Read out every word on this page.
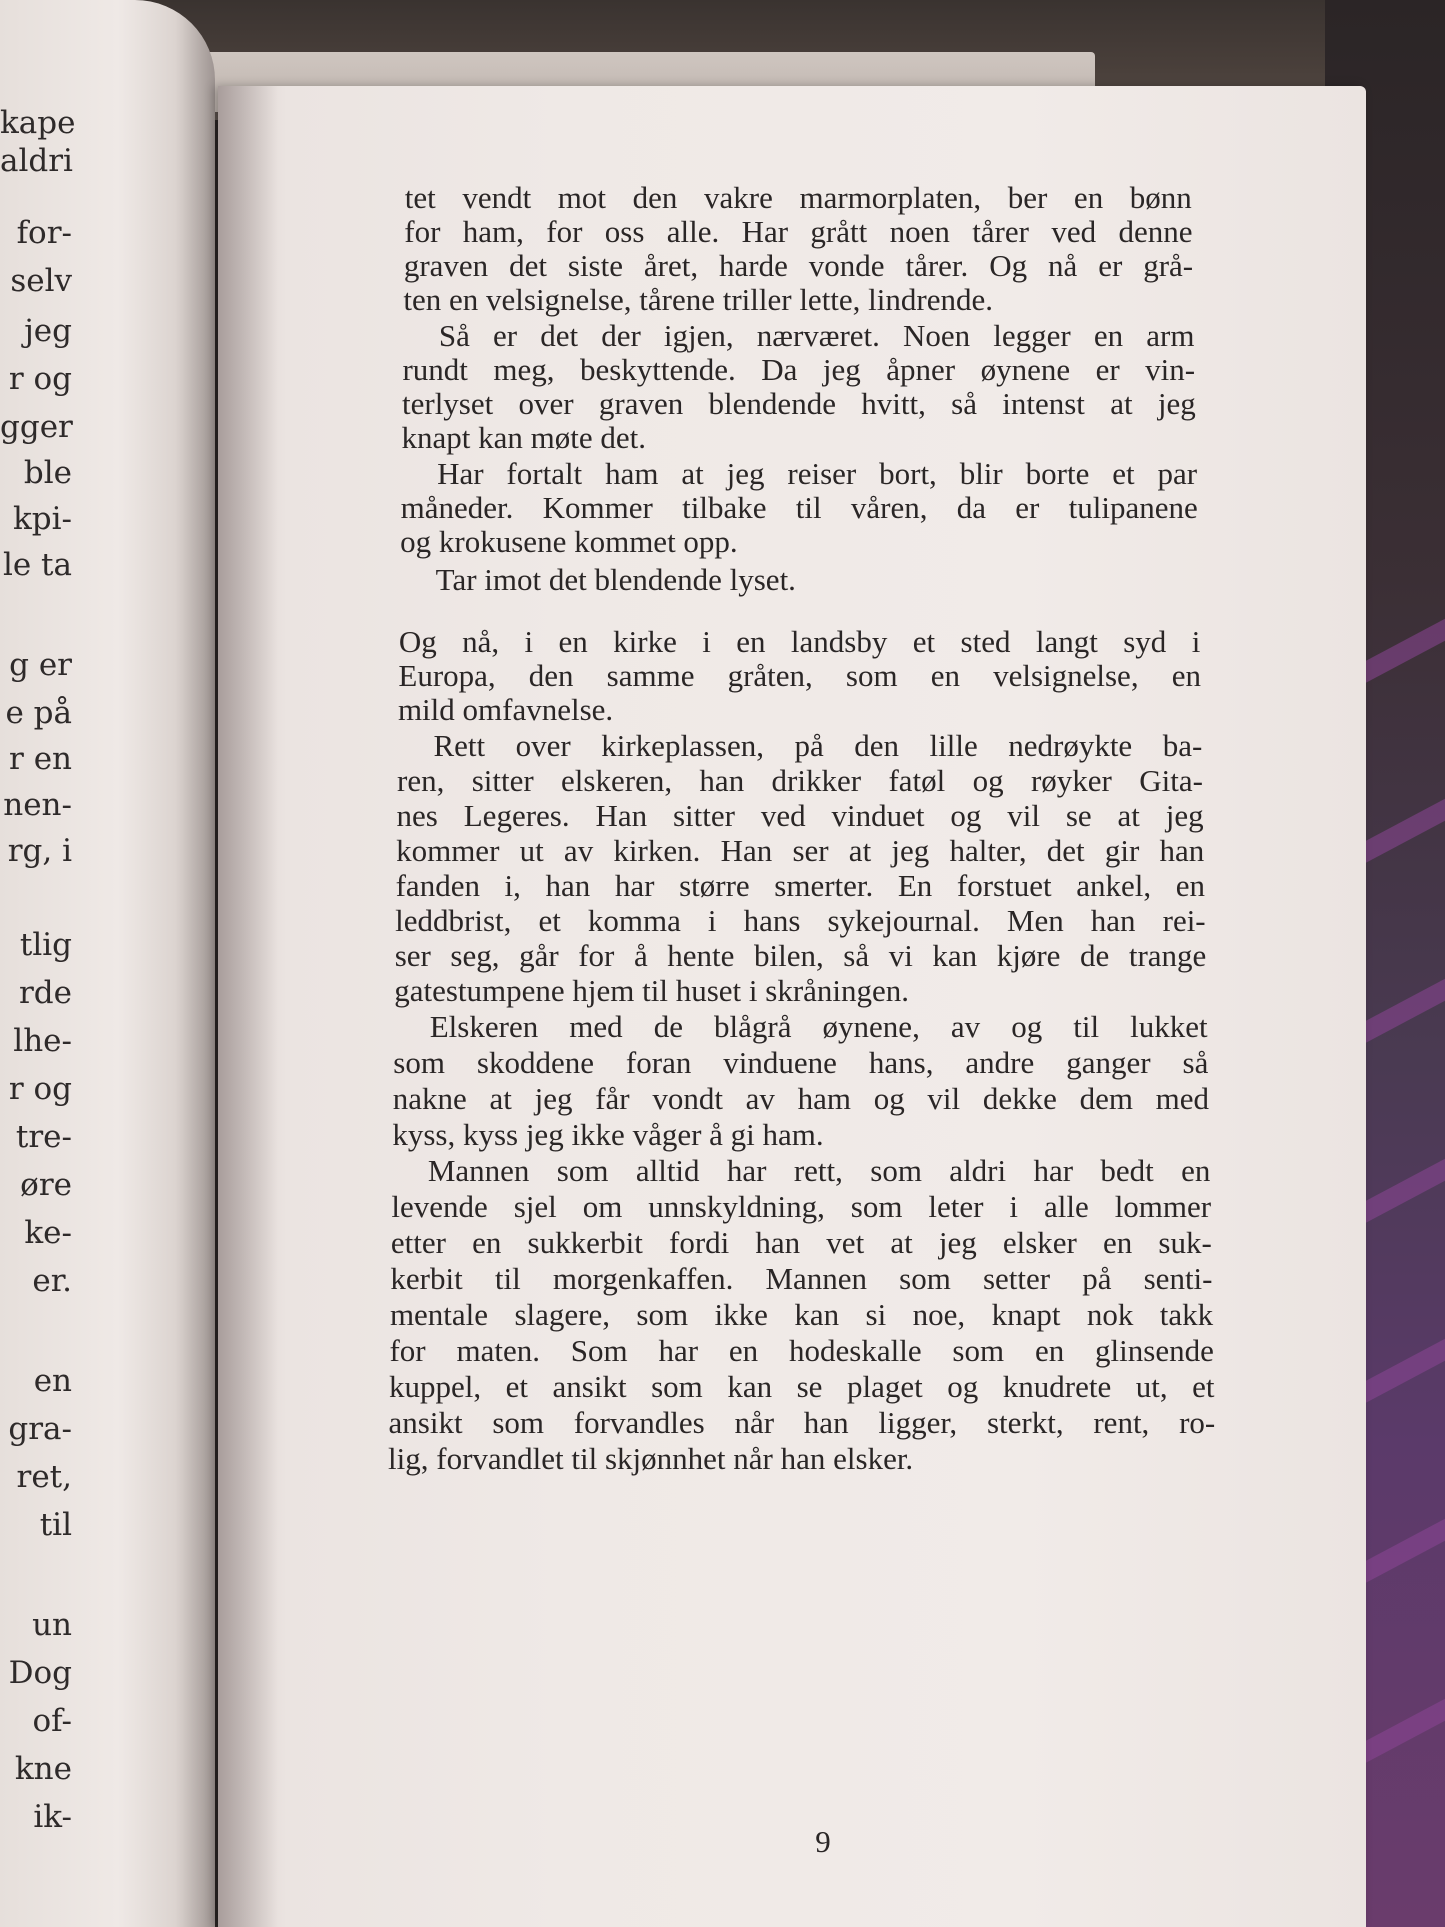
kape
aldri
for-
selv
jeg
r og
gger
ble
kpi-
le ta
g er
e på
r en
nen-
rg, i
tlig
rde
lhe-
r og
tre-
øre
ke-
er.
en
gra-
ret,
til
un
Dog
of-
kne
ik-
tet vendt mot den vakre marmorplaten, ber en bønn
for ham, for oss alle. Har grått noen tårer ved denne
graven det siste året, harde vonde tårer. Og nå er grå-
ten en velsignelse, tårene triller lette, lindrende.
Så er det der igjen, nærværet. Noen legger en arm
rundt meg, beskyttende. Da jeg åpner øynene er vin-
terlyset over graven blendende hvitt, så intenst at jeg
knapt kan møte det.
Har fortalt ham at jeg reiser bort, blir borte et par
måneder. Kommer tilbake til våren, da er tulipanene
og krokusene kommet opp.
Tar imot det blendende lyset.
Og nå, i en kirke i en landsby et sted langt syd i
Europa, den samme gråten, som en velsignelse, en
mild omfavnelse.
Rett over kirkeplassen, på den lille nedrøykte ba-
ren, sitter elskeren, han drikker fatøl og røyker Gita-
nes Legeres. Han sitter ved vinduet og vil se at jeg
kommer ut av kirken. Han ser at jeg halter, det gir han
fanden i, han har større smerter. En forstuet ankel, en
leddbrist, et komma i hans sykejournal. Men han rei-
ser seg, går for å hente bilen, så vi kan kjøre de trange
gatestumpene hjem til huset i skråningen.
Elskeren med de blågrå øynene, av og til lukket
som skoddene foran vinduene hans, andre ganger så
nakne at jeg får vondt av ham og vil dekke dem med
kyss, kyss jeg ikke våger å gi ham.
Mannen som alltid har rett, som aldri har bedt en
levende sjel om unnskyldning, som leter i alle lommer
etter en sukkerbit fordi han vet at jeg elsker en suk-
kerbit til morgenkaffen. Mannen som setter på senti-
mentale slagere, som ikke kan si noe, knapt nok takk
for maten. Som har en hodeskalle som en glinsende
kuppel, et ansikt som kan se plaget og knudrete ut, et
ansikt som forvandles når han ligger, sterkt, rent, ro-
lig, forvandlet til skjønnhet når han elsker.
9
